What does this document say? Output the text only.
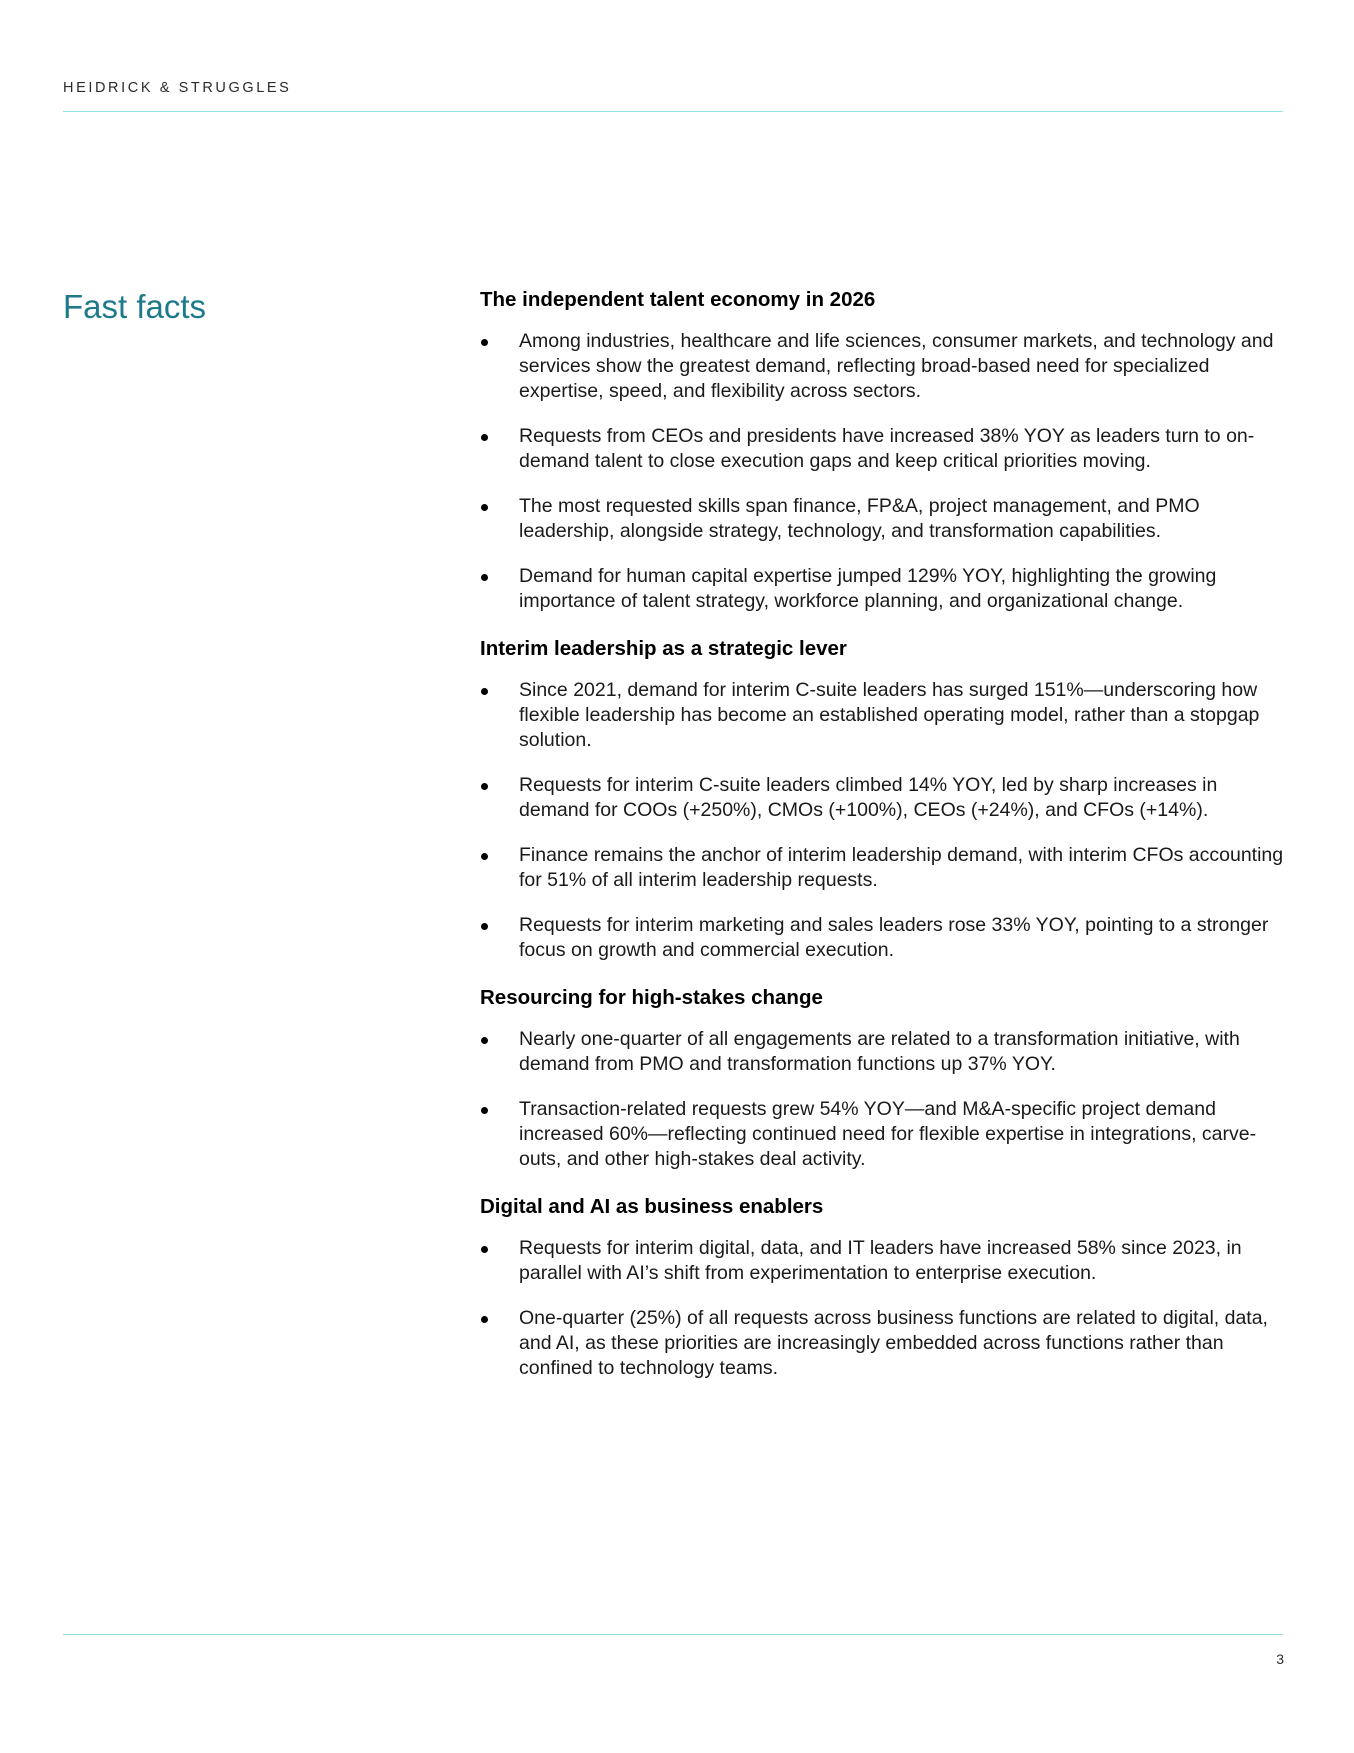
HEIDRICK & STRUGGLES
Fast facts	The independent talent economy in 2026
Among industries, healthcare and life sciences, consumer markets, and technology and services show the greatest demand, reflecting broad-based need for specialized expertise, speed, and flexibility across sectors.
Requests from CEOs and presidents have increased 38% YOY as leaders turn to on-demand talent to close execution gaps and keep critical priorities moving.
The most requested skills span finance, FP&A, project management, and PMO leadership, alongside strategy, technology, and transformation capabilities.
Demand for human capital expertise jumped 129% YOY, highlighting the growing importance of talent strategy, workforce planning, and organizational change.
Interim leadership as a strategic lever
Since 2021, demand for interim C-suite leaders has surged 151%—underscoring how flexible leadership has become an established operating model, rather than a stopgap solution.
Requests for interim C-suite leaders climbed 14% YOY, led by sharp increases in demand for COOs (+250%), CMOs (+100%), CEOs (+24%), and CFOs (+14%).
Finance remains the anchor of interim leadership demand, with interim CFOs accounting for 51% of all interim leadership requests.
Requests for interim marketing and sales leaders rose 33% YOY, pointing to a stronger focus on growth and commercial execution.
Resourcing for high-stakes change
Nearly one-quarter of all engagements are related to a transformation initiative, with demand from PMO and transformation functions up 37% YOY.
Transaction-related requests grew 54% YOY—and M&A-specific project demand increased 60%—reflecting continued need for flexible expertise in integrations, carve-outs, and other high-stakes deal activity.
Digital and AI as business enablers
Requests for interim digital, data, and IT leaders have increased 58% since 2023, in parallel with AI’s shift from experimentation to enterprise execution.
One-quarter (25%) of all requests across business functions are related to digital, data, and AI, as these priorities are increasingly embedded across functions rather than confined to technology teams.
3
